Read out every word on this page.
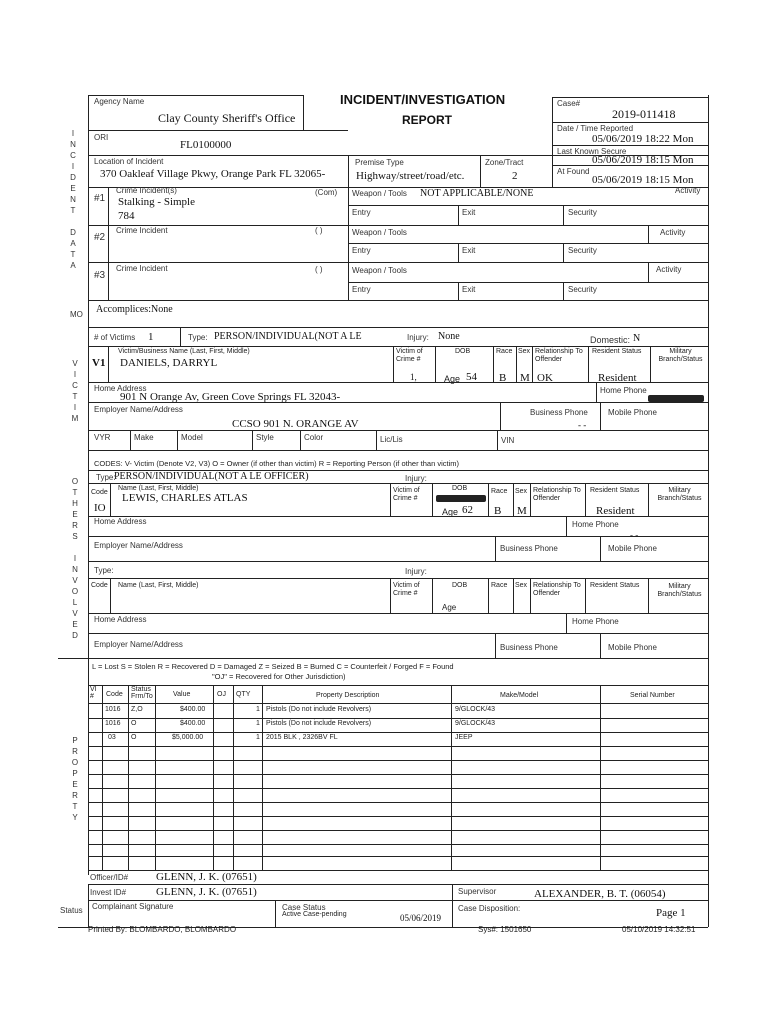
I
N
C
I
D
E
N
T

D
A
T
A
MO
V
I
C
T
I
M
O
T
H
E
R
S

I
N
V
O
L
V
E
D
P
R
O
P
E
R
T
Y
Status
Agency Name
Clay County Sheriff's Office
INCIDENT/INVESTIGATION
REPORT
Case#
2019-011418
ORI
FL0100000
Date / Time Reported
05/06/2019 18:22 Mon
Last Known Secure
05/06/2019 18:15 Mon
At Found
05/06/2019 18:15 Mon
Location of Incident
370 Oakleaf Village Pkwy, Orange Park FL 32065-
Premise Type
Highway/street/road/etc.
Zone/Tract
2
#1
Crime Incident(s)
Stalking - Simple
784
(Com) Weapon / Tools NOT APPLICABLE/NONE	Activity
Entry	Exit	Security
#2
Crime Incident	( )	Weapon / Tools	Activity
Entry	Exit	Security
#3
Crime Incident	( )	Weapon / Tools	Activity
Entry	Exit	Security
Accomplices:None
# of Victims 1	Type: PERSON/INDIVIDUAL(NOT A LE	Injury: None	Domestic: N
Victim/Business Name (Last, First, Middle)
V1 DANIELS, DARRYL
Victim of Crime #
1,
DOB
Age 54
Race
B
Sex
M
Relationship To Offender
OK
Resident Status
Resident
Military Branch/Status
Home Address
901 N Orange Av, Green Cove Springs FL 32043-
Home Phone
Employer Name/Address
CCSO 901 N. ORANGE AV
Business Phone
- -
Mobile Phone
VYR	Make	Model	Style	Color	Lic/Lis	VIN
CODES: V- Victim (Denote V2, V3) O = Owner (if other than victim) R = Reporting Person (if other than victim)
Type:
PERSON/INDIVIDUAL(NOT A LE OFFICER)	Injury:
Code
IO
Name (Last, First, Middle)
LEWIS, CHARLES ATLAS
Victim of Crime #
DOB
Age 62
Race
B
Sex
M
Relationship To Offender
Resident Status
Resident
Military Branch/Status
Home Address	Home Phone
- -
Employer Name/Address	Business Phone	Mobile Phone
Type:	Injury:
Code Name (Last, First, Middle)	Victim of Crime #
DOB
Age
Race Sex Relationship To Offender
Resident Status	Military Branch/Status
Home Address	Home Phone
Employer Name/Address	Business Phone	Mobile Phone
L = Lost S = Stolen R = Recovered D = Damaged Z = Seized B = Burned C = Counterfeit / Forged F = Found
"OJ" = Recovered for Other Jurisdiction)
VI #	Code
Status Frm/To	Value	OJ QTY	Property Description	Make/Model	Serial Number
1016 Z,O	$400.00	1 Pistols (Do not include Revolvers)	9/GLOCK/43
1016 O	$400.00	1 Pistols (Do not include Revolvers)	9/GLOCK/43
03 O	$5,000.00	1 2015 BLK , 2326BV FL	JEEP
Officer/ID#	GLENN, J. K. (07651)
Invest ID#	GLENN, J. K. (07651)	Supervisor	ALEXANDER, B. T. (06054)
Complainant Signature	Case Status
Active Case-pending	05/06/2019
Case Disposition:	Page 1
Printed By: BLOMBARDO, BLOMBARDO	Sys#: 1501650	05/10/2019 14:32:51
